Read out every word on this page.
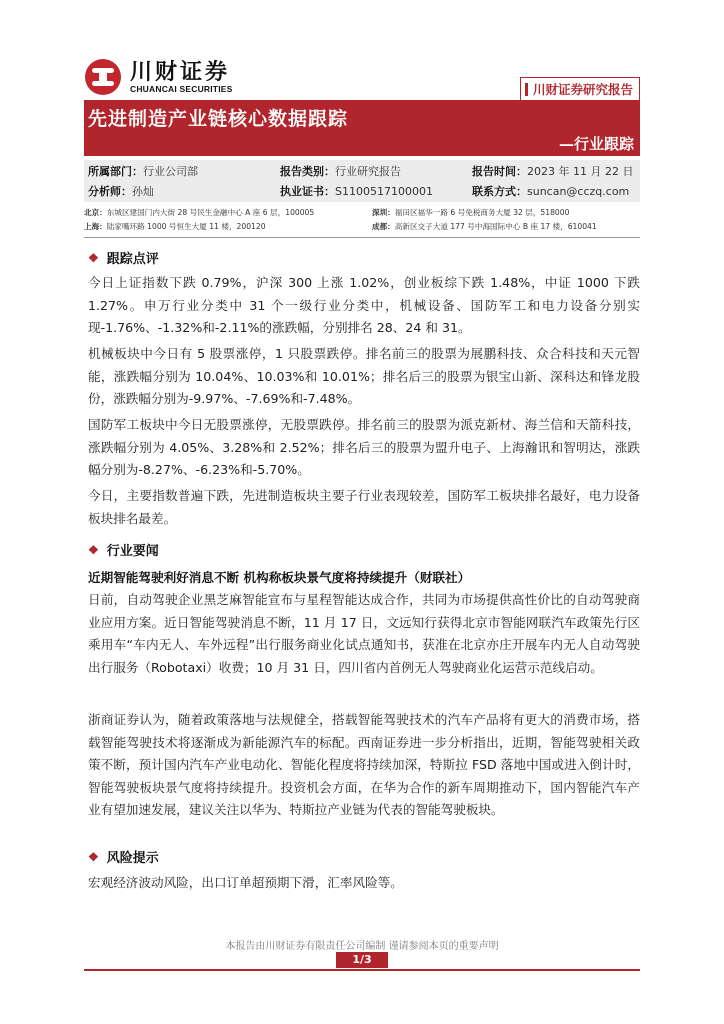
川财证券
CHUANCAI SECURITIES	川财证券研究报告
先进制造产业链核心数据跟踪
—行业跟踪
所属部门：行业公司部	报告类别：行业研究报告	报告时间：2023 年 11 月 22 日
分析师：孙灿	执业证书：S1100517100001	联系方式：suncan@cczq.com
北京：东城区建国门内大街 28 号民生金融中心 A 座 6 层，100005	深圳：福田区福华一路 6 号免税商务大厦 32 层，518000
上海：陆家嘴环路 1000 号恒生大厦 11 楼，200120	成都：高新区交子大道 177 号中海国际中心 B 座 17 楼，610041
❖ 跟踪点评
今日上证指数下跌 0.79%，沪深 300 上涨 1.02%，创业板综下跌 1.48%，中证 1000 下跌 1.27%。申万行业分类中 31 个一级行业分类中，机械设备、国防军工和电力设备分别实现-1.76%、-1.32%和-2.11%的涨跌幅，分别排名 28、24 和 31。
机械板块中今日有 5 股票涨停，1 只股票跌停。排名前三的股票为展鹏科技、众合科技和天元智能，涨跌幅分别为 10.04%、10.03%和 10.01%；排名后三的股票为银宝山新、深科达和锋龙股份，涨跌幅分别为-9.97%、-7.69%和-7.48%。
国防军工板块中今日无股票涨停，无股票跌停。排名前三的股票为派克新材、海兰信和天箭科技，涨跌幅分别为 4.05%、3.28%和 2.52%；排名后三的股票为盟升电子、上海瀚讯和智明达，涨跌幅分别为-8.27%、-6.23%和-5.70%。
今日，主要指数普遍下跌，先进制造板块主要子行业表现较差，国防军工板块排名最好，电力设备板块排名最差。
❖ 行业要闻
近期智能驾驶利好消息不断 机构称板块景气度将持续提升（财联社）
日前，自动驾驶企业黑芝麻智能宣布与星程智能达成合作，共同为市场提供高性价比的自动驾驶商业应用方案。近日智能驾驶消息不断，11 月 17 日，文远知行获得北京市智能网联汽车政策先行区乘用车“车内无人、车外远程”出行服务商业化试点通知书，获准在北京亦庄开展车内无人自动驾驶出行服务（Robotaxi）收费；10 月 31 日，四川省内首例无人驾驶商业化运营示范线启动。
浙商证券认为，随着政策落地与法规健全，搭载智能驾驶技术的汽车产品将有更大的消费市场，搭载智能驾驶技术将逐渐成为新能源汽车的标配。西南证券进一步分析指出，近期，智能驾驶相关政策不断，预计国内汽车产业电动化、智能化程度将持续加深，特斯拉 FSD 落地中国或进入倒计时，智能驾驶板块景气度将持续提升。投资机会方面，在华为合作的新车周期推动下，国内智能汽车产业有望加速发展，建议关注以华为、特斯拉产业链为代表的智能驾驶板块。
❖ 风险提示
宏观经济波动风险，出口订单超预期下滑，汇率风险等。
本报告由川财证券有限责任公司编制 谨请参阅本页的重要声明
1/3
